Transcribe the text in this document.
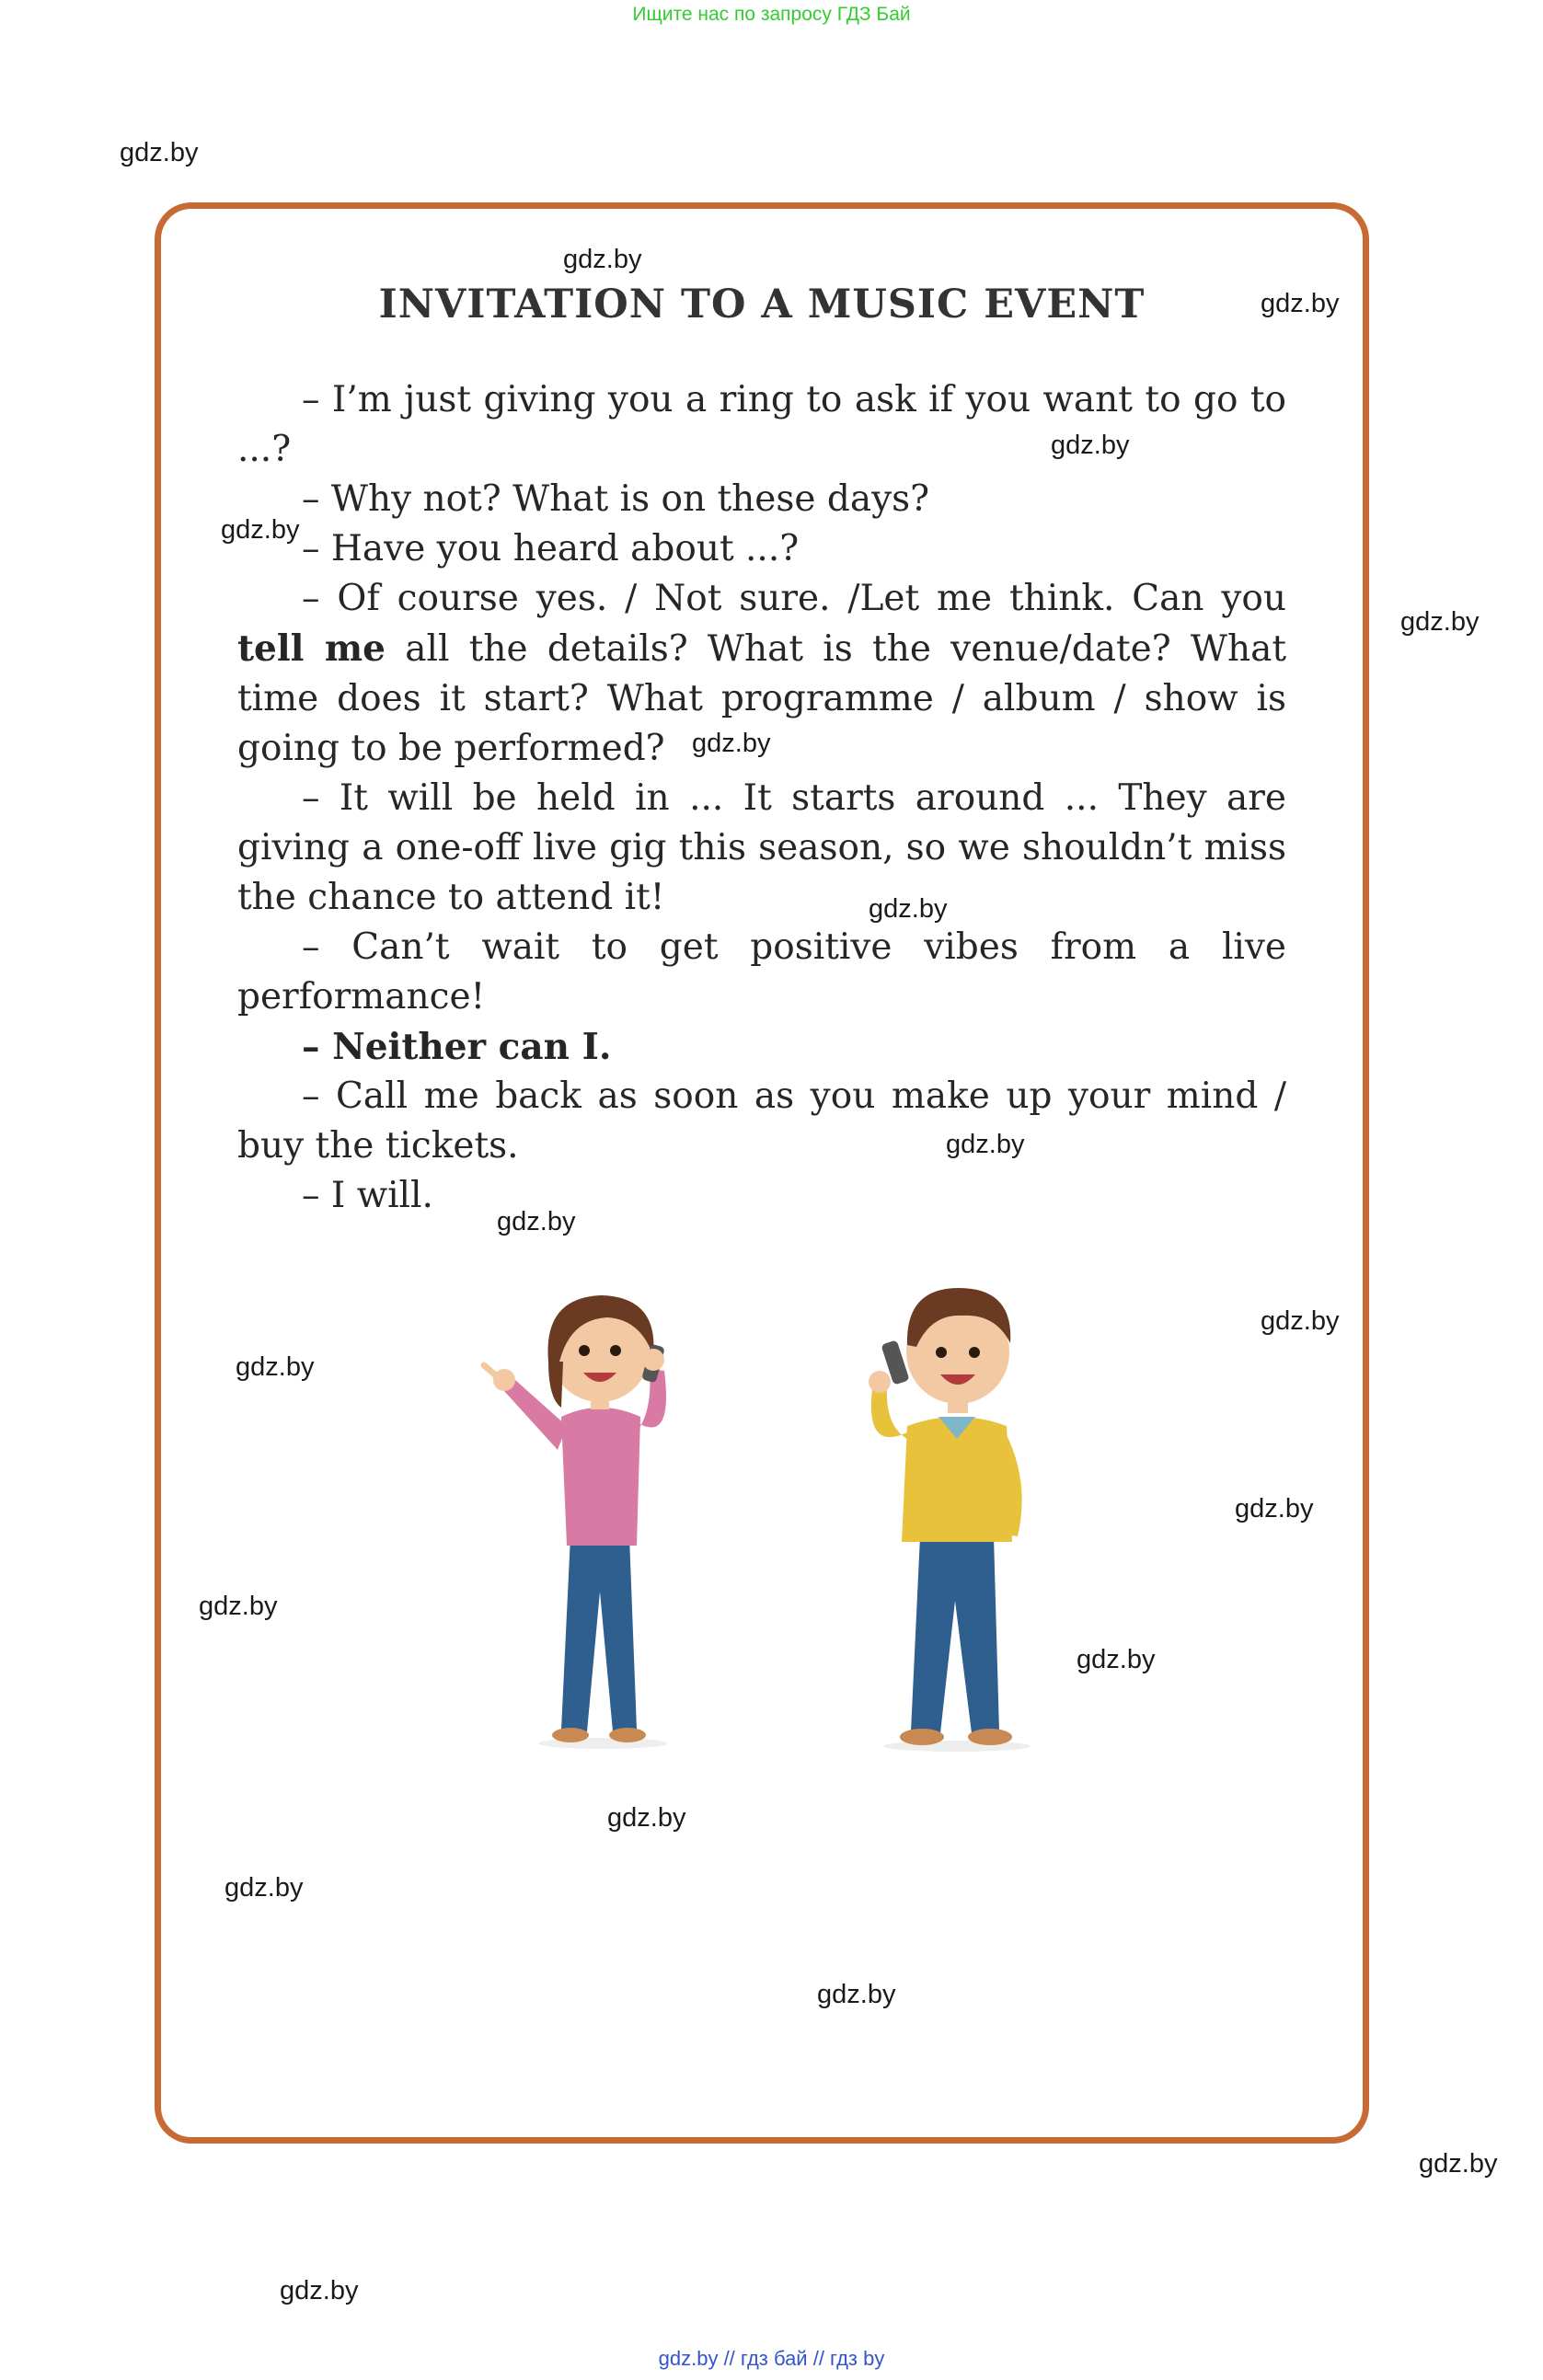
Ищите нас по запросу ГДЗ Бай
INVITATION TO A MUSIC EVENT

– I’m just giving you a ring to ask if you want to go to ...?

– Why not? What is on these days?

– Have you heard about ...?

– Of course yes. / Not sure. /Let me think. Can you tell me all the details? What is the venue/date? What time does it start? What programme / album / show is going to be performed?

– It will be held in ... It starts around ... They are giving a one-off live gig this season, so we shouldn’t miss the chance to attend it!

– Can’t wait to get positive vibes from a live performance!

– Neither can I.

– Call me back as soon as you make up your mind / buy the tickets.

– I will.

gdz.by
gdz.by
gdz.by
gdz.by
gdz.by
gdz.by
gdz.by
gdz.by
gdz.by
gdz.by
gdz.by
gdz.by
gdz.by
gdz.by
gdz.by
gdz.by
gdz.by
gdz.by
gdz.by
gdz.by
gdz.by // гдз бай // гдз by
